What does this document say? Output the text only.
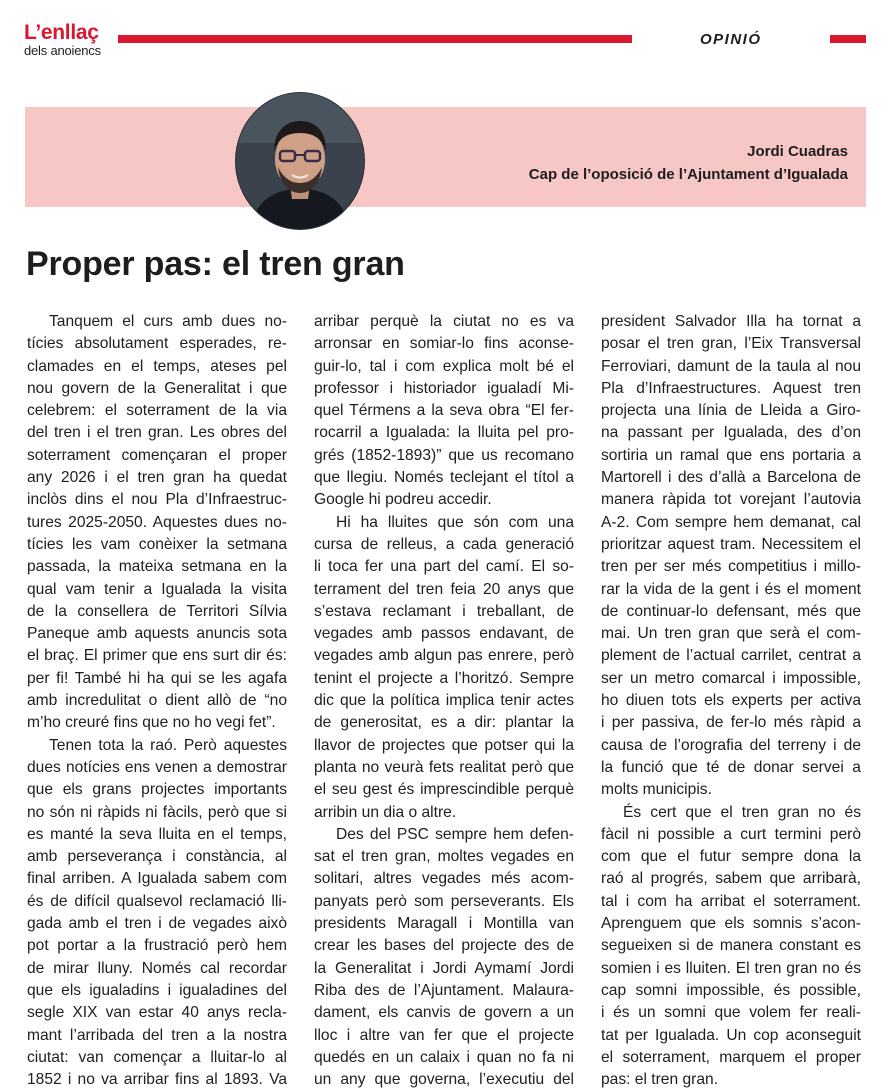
L’enllaç
dels anoiencs
OPINIÓ
Jordi Cuadras
Cap de l’oposició de l’Ajuntament d’Igualada
Proper pas: el tren gran
Tanquem el curs amb dues no-
tícies absolutament esperades, re-
clamades en el temps, ateses pel
nou govern de la Generalitat i que
celebrem: el soterrament de la via
del tren i el tren gran. Les obres del
soterrament començaran el proper
any 2026 i el tren gran ha quedat
inclòs dins el nou Pla d’Infraestruc-
tures 2025-2050. Aquestes dues no-
tícies les vam conèixer la setmana
passada, la mateixa setmana en la
qual vam tenir a Igualada la visita
de la consellera de Territori Sílvia
Paneque amb aquests anuncis sota
el braç. El primer que ens surt dir és:
per fi! També hi ha qui se les agafa
amb incredulitat o dient allò de “no
m’ho creuré fins que no ho vegi fet”.
Tenen tota la raó. Però aquestes
dues notícies ens venen a demostrar
que els grans projectes importants
no són ni ràpids ni fàcils, però que si
es manté la seva lluita en el temps,
amb perseverança i constància, al
final arriben. A Igualada sabem com
és de difícil qualsevol reclamació lli-
gada amb el tren i de vegades això
pot portar a la frustració però hem
de mirar lluny. Només cal recordar
que els igualadins i igualadines del
segle XIX van estar 40 anys recla-
mant l’arribada del tren a la nostra
ciutat: van començar a lluitar-lo al
1852 i no va arribar fins al 1893. Va
arribar perquè la ciutat no es va
arronsar en somiar-lo fins aconse-
guir-lo, tal i com explica molt bé el
professor i historiador igualadí Mi-
quel Térmens a la seva obra “El fer-
rocarril a Igualada: la lluita pel pro-
grés (1852-1893)” que us recomano
que llegiu. Només teclejant el títol a
Google hi podreu accedir.
Hi ha lluites que són com una
cursa de relleus, a cada generació
li toca fer una part del camí. El so-
terrament del tren feia 20 anys que
s’estava reclamant i treballant, de
vegades amb passos endavant, de
vegades amb algun pas enrere, però
tenint el projecte a l’horitzó. Sempre
dic que la política implica tenir actes
de generositat, es a dir: plantar la
llavor de projectes que potser qui la
planta no veurà fets realitat però que
el seu gest és imprescindible perquè
arribin un dia o altre.
Des del PSC sempre hem defen-
sat el tren gran, moltes vegades en
solitari, altres vegades més acom-
panyats però som perseverants. Els
presidents Maragall i Montilla van
crear les bases del projecte des de
la Generalitat i Jordi Aymamí Jordi
Riba des de l’Ajuntament. Malaura-
dament, els canvis de govern a un
lloc i altre van fer que el projecte
quedés en un calaix i quan no fa ni
un any que governa, l’executiu del
president Salvador Illa ha tornat a
posar el tren gran, l’Eix Transversal
Ferroviari, damunt de la taula al nou
Pla d’Infraestructures. Aquest tren
projecta una línia de Lleida a Giro-
na passant per Igualada, des d’on
sortiria un ramal que ens portaria a
Martorell i des d’allà a Barcelona de
manera ràpida tot vorejant l’autovia
A-2. Com sempre hem demanat, cal
prioritzar aquest tram. Necessitem el
tren per ser més competitius i millo-
rar la vida de la gent i és el moment
de continuar-lo defensant, més que
mai. Un tren gran que serà el com-
plement de l’actual carrilet, centrat a
ser un metro comarcal i impossible,
ho diuen tots els experts per activa
i per passiva, de fer-lo més ràpid a
causa de l’orografia del terreny i de
la funció que té de donar servei a
molts municipis.
És cert que el tren gran no és
fàcil ni possible a curt termini però
com que el futur sempre dona la
raó al progrés, sabem que arribarà,
tal i com ha arribat el soterrament.
Aprenguem que els somnis s’acon-
segueixen si de manera constant es
somien i es lluiten. El tren gran no és
cap somni impossible, és possible,
i és un somni que volem fer reali-
tat per Igualada. Un cop aconseguit
el soterrament, marquem el proper
pas: el tren gran.
